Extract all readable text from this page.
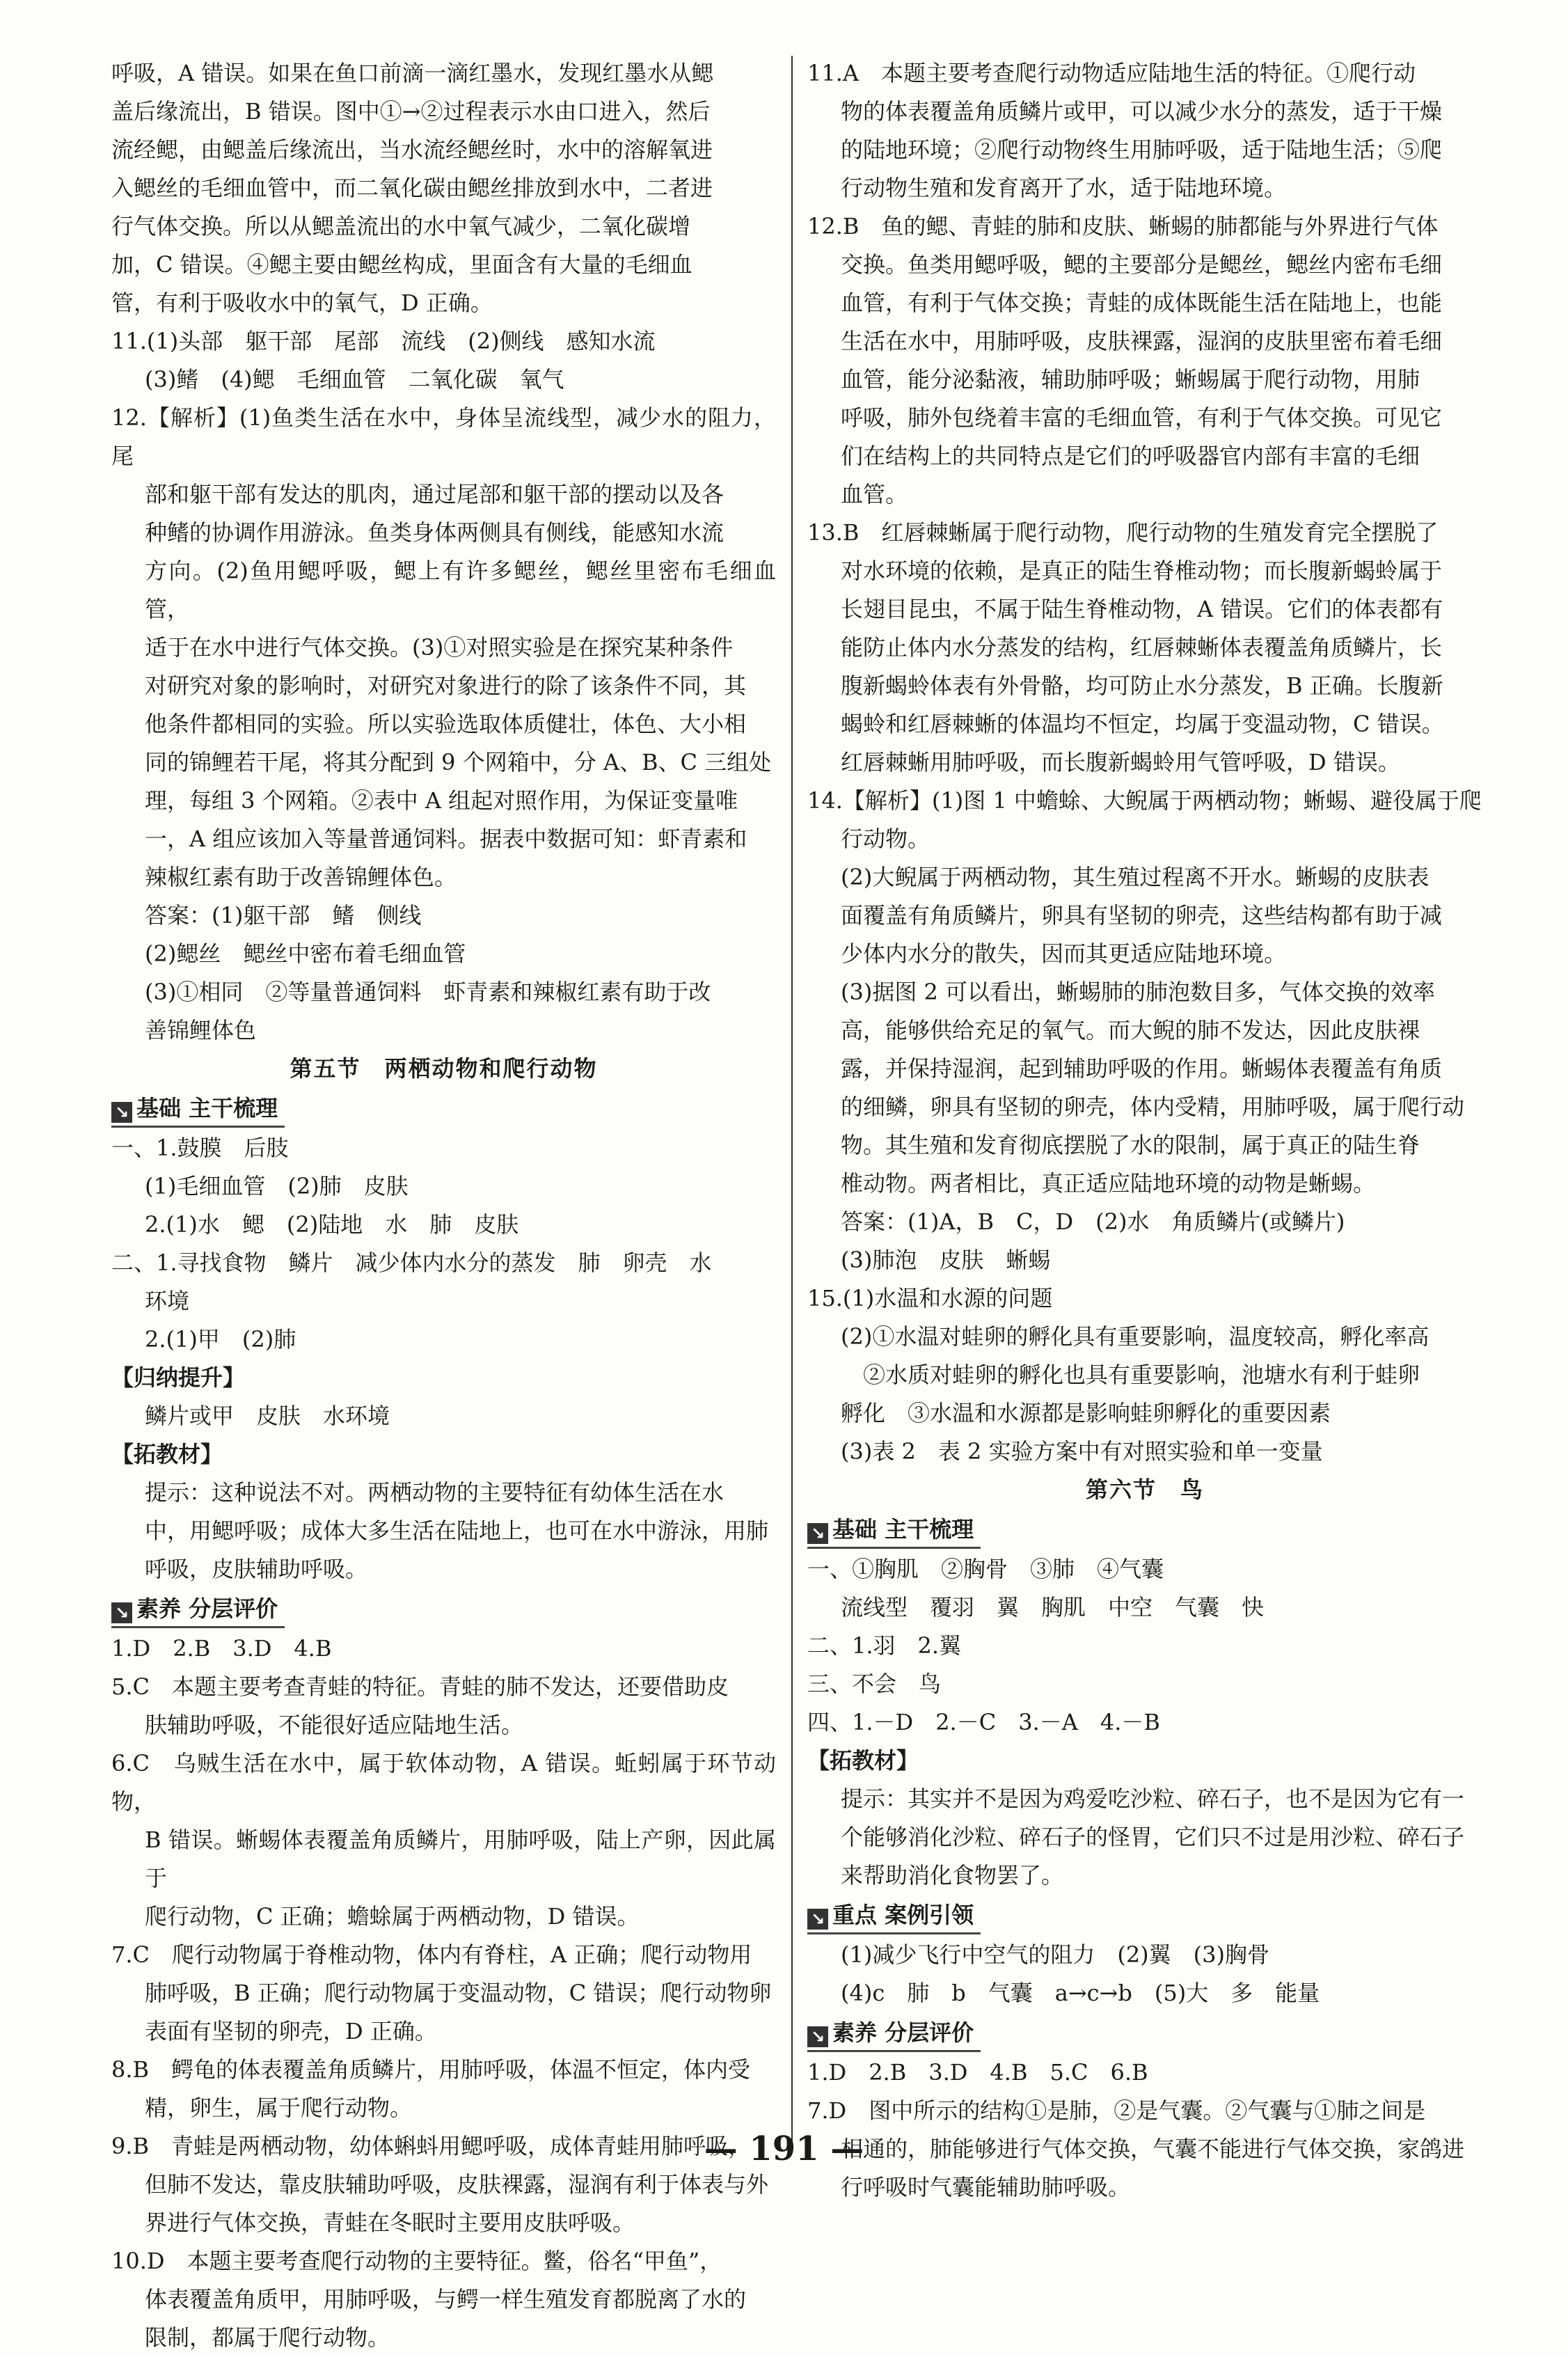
呼吸，A 错误。如果在鱼口前滴一滴红墨水，发现红墨水从鳃

盖后缘流出，B 错误。图中①→②过程表示水由口进入，然后

流经鳃，由鳃盖后缘流出，当水流经鳃丝时，水中的溶解氧进

入鳃丝的毛细血管中，而二氧化碳由鳃丝排放到水中，二者进

行气体交换。所以从鳃盖流出的水中氧气减少，二氧化碳增

加，C 错误。④鳃主要由鳃丝构成，里面含有大量的毛细血

管，有利于吸收水中的氧气，D 正确。

11.(1)头部　躯干部　尾部　流线　(2)侧线　感知水流

(3)鳍　(4)鳃　毛细血管　二氧化碳　氧气

12.【解析】(1)鱼类生活在水中，身体呈流线型，减少水的阻力，尾

部和躯干部有发达的肌肉，通过尾部和躯干部的摆动以及各

种鳍的协调作用游泳。鱼类身体两侧具有侧线，能感知水流

方向。(2)鱼用鳃呼吸，鳃上有许多鳃丝，鳃丝里密布毛细血管，

适于在水中进行气体交换。(3)①对照实验是在探究某种条件

对研究对象的影响时，对研究对象进行的除了该条件不同，其

他条件都相同的实验。所以实验选取体质健壮，体色、大小相

同的锦鲤若干尾，将其分配到 9 个网箱中，分 A、B、C 三组处

理，每组 3 个网箱。②表中 A 组起对照作用，为保证变量唯

一，A 组应该加入等量普通饲料。据表中数据可知：虾青素和

辣椒红素有助于改善锦鲤体色。

答案：(1)躯干部　鳍　侧线

(2)鳃丝　鳃丝中密布着毛细血管

(3)①相同　②等量普通饲料　虾青素和辣椒红素有助于改

善锦鲤体色

第五节　两栖动物和爬行动物

↘ 基础 主干梳理

一、1.鼓膜　后肢

(1)毛细血管　(2)肺　皮肤

2.(1)水　鳃　(2)陆地　水　肺　皮肤

二、1.寻找食物　鳞片　减少体内水分的蒸发　肺　卵壳　水

环境

2.(1)甲　(2)肺

【归纳提升】

鳞片或甲　皮肤　水环境

【拓教材】

提示：这种说法不对。两栖动物的主要特征有幼体生活在水

中，用鳃呼吸；成体大多生活在陆地上，也可在水中游泳，用肺

呼吸，皮肤辅助呼吸。

↘ 素养 分层评价

1.D　2.B　3.D　4.B

5.C　本题主要考查青蛙的特征。青蛙的肺不发达，还要借助皮

肤辅助呼吸，不能很好适应陆地生活。

6.C　乌贼生活在水中，属于软体动物，A 错误。蚯蚓属于环节动物，

B 错误。蜥蜴体表覆盖角质鳞片，用肺呼吸，陆上产卵，因此属于

爬行动物，C 正确；蟾蜍属于两栖动物，D 错误。

7.C　爬行动物属于脊椎动物，体内有脊柱，A 正确；爬行动物用

肺呼吸，B 正确；爬行动物属于变温动物，C 错误；爬行动物卵

表面有坚韧的卵壳，D 正确。

8.B　鳄龟的体表覆盖角质鳞片，用肺呼吸，体温不恒定，体内受

精，卵生，属于爬行动物。

9.B　青蛙是两栖动物，幼体蝌蚪用鳃呼吸，成体青蛙用肺呼吸，

但肺不发达，靠皮肤辅助呼吸，皮肤裸露，湿润有利于体表与外

界进行气体交换，青蛙在冬眠时主要用皮肤呼吸。

10.D　本题主要考查爬行动物的主要特征。鳖，俗名“甲鱼”，

体表覆盖角质甲，用肺呼吸，与鳄一样生殖发育都脱离了水的

限制，都属于爬行动物。

11.A　本题主要考查爬行动物适应陆地生活的特征。①爬行动

物的体表覆盖角质鳞片或甲，可以减少水分的蒸发，适于干燥

的陆地环境；②爬行动物终生用肺呼吸，适于陆地生活；⑤爬

行动物生殖和发育离开了水，适于陆地环境。

12.B　鱼的鳃、青蛙的肺和皮肤、蜥蜴的肺都能与外界进行气体

交换。鱼类用鳃呼吸，鳃的主要部分是鳃丝，鳃丝内密布毛细

血管，有利于气体交换；青蛙的成体既能生活在陆地上，也能

生活在水中，用肺呼吸，皮肤裸露，湿润的皮肤里密布着毛细

血管，能分泌黏液，辅助肺呼吸；蜥蜴属于爬行动物，用肺

呼吸，肺外包绕着丰富的毛细血管，有利于气体交换。可见它

们在结构上的共同特点是它们的呼吸器官内部有丰富的毛细

血管。

13.B　红唇棘蜥属于爬行动物，爬行动物的生殖发育完全摆脱了

对水环境的依赖，是真正的陆生脊椎动物；而长腹新蝎蛉属于

长翅目昆虫，不属于陆生脊椎动物，A 错误。它们的体表都有

能防止体内水分蒸发的结构，红唇棘蜥体表覆盖角质鳞片，长

腹新蝎蛉体表有外骨骼，均可防止水分蒸发，B 正确。长腹新

蝎蛉和红唇棘蜥的体温均不恒定，均属于变温动物，C 错误。

红唇棘蜥用肺呼吸，而长腹新蝎蛉用气管呼吸，D 错误。

14.【解析】(1)图 1 中蟾蜍、大鲵属于两栖动物；蜥蜴、避役属于爬

行动物。

(2)大鲵属于两栖动物，其生殖过程离不开水。蜥蜴的皮肤表

面覆盖有角质鳞片，卵具有坚韧的卵壳，这些结构都有助于减

少体内水分的散失，因而其更适应陆地环境。

(3)据图 2 可以看出，蜥蜴肺的肺泡数目多，气体交换的效率

高，能够供给充足的氧气。而大鲵的肺不发达，因此皮肤裸

露，并保持湿润，起到辅助呼吸的作用。蜥蜴体表覆盖有角质

的细鳞，卵具有坚韧的卵壳，体内受精，用肺呼吸，属于爬行动

物。其生殖和发育彻底摆脱了水的限制，属于真正的陆生脊

椎动物。两者相比，真正适应陆地环境的动物是蜥蜴。

答案：(1)A，B　C，D　(2)水　角质鳞片(或鳞片)

(3)肺泡　皮肤　蜥蜴

15.(1)水温和水源的问题

(2)①水温对蛙卵的孵化具有重要影响，温度较高，孵化率高

　②水质对蛙卵的孵化也具有重要影响，池塘水有利于蛙卵

孵化　③水温和水源都是影响蛙卵孵化的重要因素

(3)表 2　表 2 实验方案中有对照实验和单一变量

第六节　鸟

↘ 基础 主干梳理

一、①胸肌　②胸骨　③肺　④气囊

流线型　覆羽　翼　胸肌　中空　气囊　快

二、1.羽　2.翼

三、不会　鸟

四、1.－D　2.－C　3.－A　4.－B

【拓教材】

提示：其实并不是因为鸡爱吃沙粒、碎石子，也不是因为它有一

个能够消化沙粒、碎石子的怪胃，它们只不过是用沙粒、碎石子

来帮助消化食物罢了。

↘ 重点 案例引领

(1)减少飞行中空气的阻力　(2)翼　(3)胸骨

(4)c　肺　b　气囊　a→c→b　(5)大　多　能量

↘ 素养 分层评价

1.D　2.B　3.D　4.B　5.C　6.B

7.D　图中所示的结构①是肺，②是气囊。②气囊与①肺之间是

相通的，肺能够进行气体交换，气囊不能进行气体交换，家鸽进

行呼吸时气囊能辅助肺呼吸。

— 191 —
